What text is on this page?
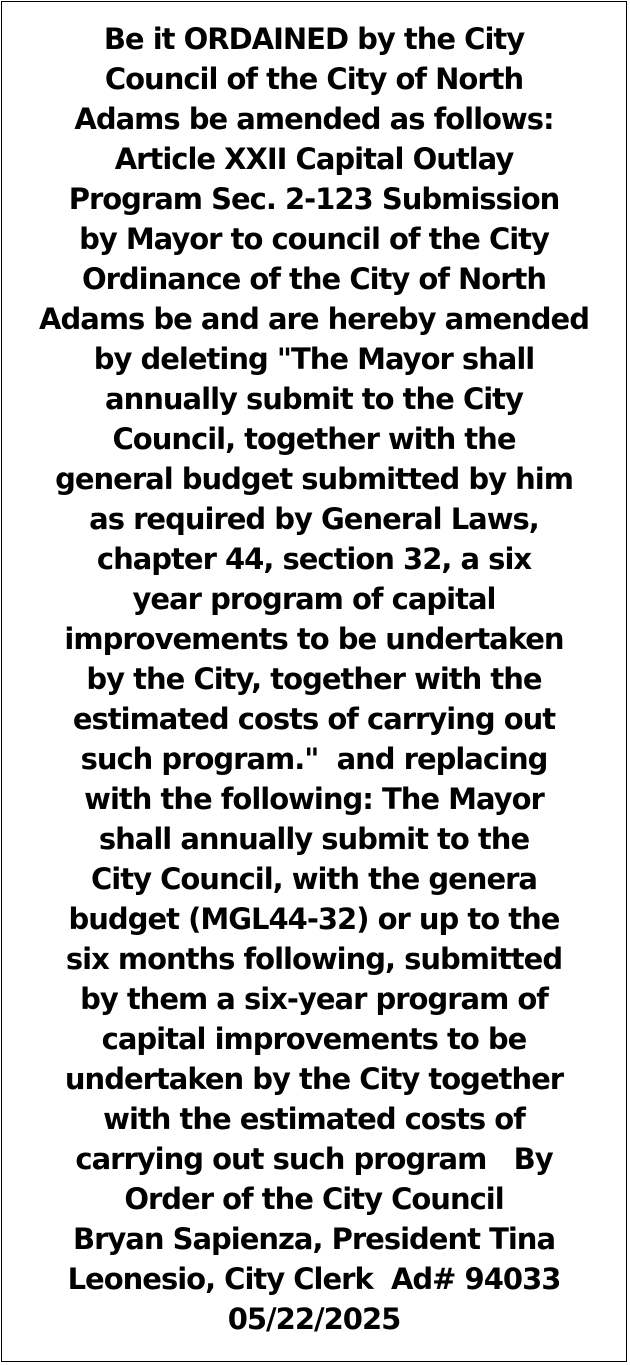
Be it ORDAINED by the City
Council of the City of North
Adams be amended as follows:
Article XXII Capital Outlay
Program Sec. 2-123 Submission
by Mayor to council of the City
Ordinance of the City of North
Adams be and are hereby amended
by deleting "The Mayor shall
annually submit to the City
Council, together with the
general budget submitted by him
as required by General Laws,
chapter 44, section 32, a six
year program of capital
improvements to be undertaken
by the City, together with the
estimated costs of carrying out
such program."  and replacing
with the following: The Mayor
shall annually submit to the
City Council, with the genera
budget (MGL44-32) or up to the
six months following, submitted
by them a six-year program of
capital improvements to be
undertaken by the City together
with the estimated costs of
carrying out such program   By
Order of the City Council
Bryan Sapienza, President Tina
Leonesio, City Clerk  Ad# 94033
05/22/2025
